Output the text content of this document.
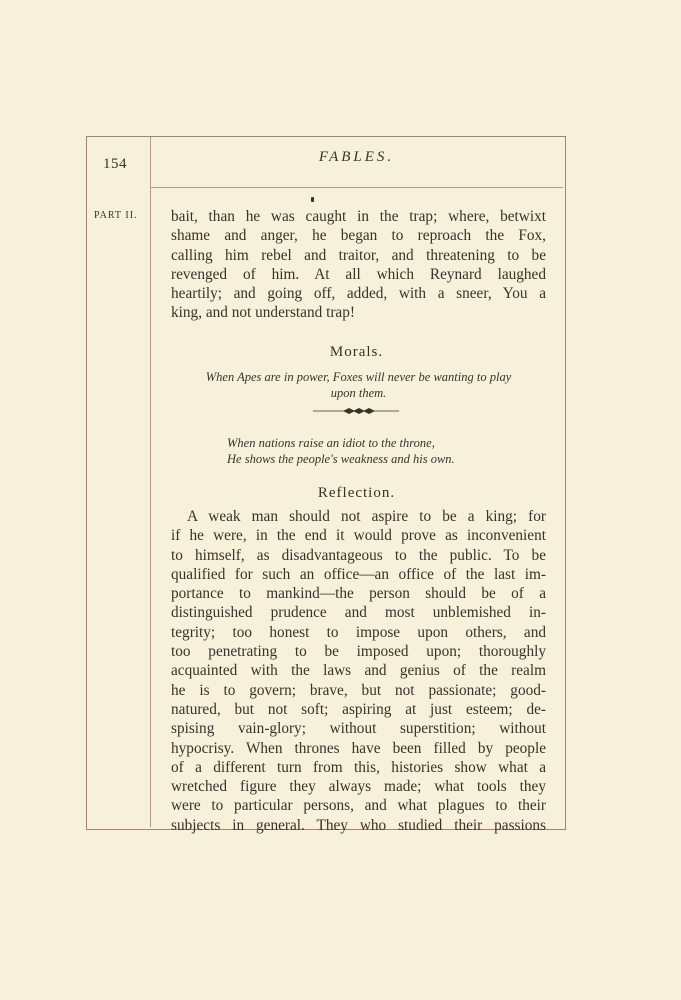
154	FABLES.
PART II. bait, than he was caught in the trap; where, betwixt
shame and anger, he began to reproach the Fox,
calling him rebel and traitor, and threatening to be
revenged of him. At all which Reynard laughed
heartily; and going off, added, with a sneer, You a
king, and not understand trap!
Morals.
When Apes are in power, Foxes will never be wanting to play
upon them.
When nations raise an idiot to the throne,
He shows the people's weakness and his own.
Reflection.
A weak man should not aspire to be a king; for
if he were, in the end it would prove as inconvenient
to himself, as disadvantageous to the public. To be
qualified for such an office—an office of the last im-
portance to mankind—the person should be of a
distinguished prudence and most unblemished in-
tegrity; too honest to impose upon others, and
too penetrating to be imposed upon; thoroughly
acquainted with the laws and genius of the realm
he is to govern; brave, but not passionate; good-
natured, but not soft; aspiring at just esteem; de-
spising vain-glory; without superstition; without
hypocrisy. When thrones have been filled by people
of a different turn from this, histories show what a
wretched figure they always made; what tools they
were to particular persons, and what plagues to their
subjects in general. They who studied their passions
